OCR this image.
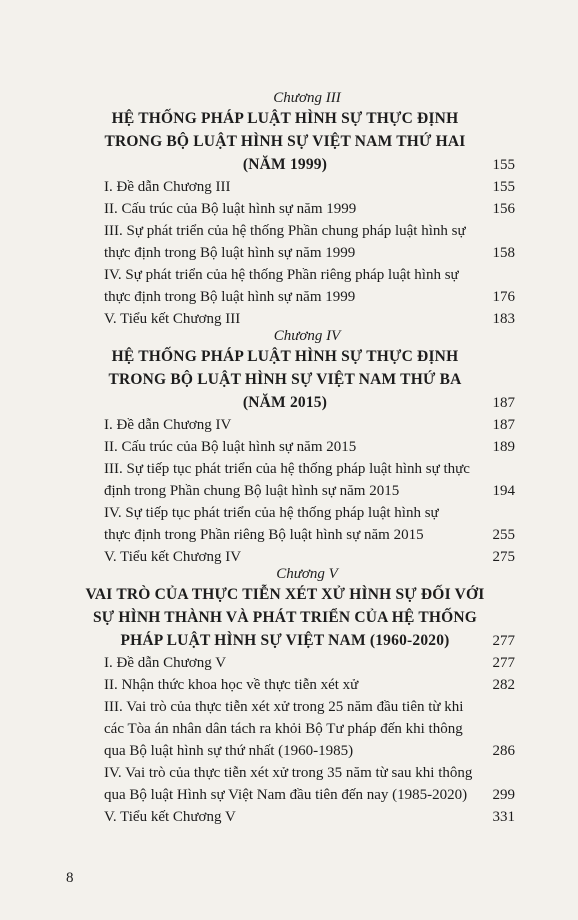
Chương III
HỆ THỐNG PHÁP LUẬT HÌNH SỰ THỰC ĐỊNH
TRONG BỘ LUẬT HÌNH SỰ VIỆT NAM THỨ HAI
(NĂM 1999)	155
I. Đề dẫn Chương III	155
II. Cấu trúc của Bộ luật hình sự năm 1999	156
III. Sự phát triển của hệ thống Phần chung pháp luật hình sự
thực định trong Bộ luật hình sự năm 1999	158
IV. Sự phát triển của hệ thống Phần riêng pháp luật hình sự
thực định trong Bộ luật hình sự năm 1999	176
V. Tiểu kết Chương III	183
Chương IV
HỆ THỐNG PHÁP LUẬT HÌNH SỰ THỰC ĐỊNH
TRONG BỘ LUẬT HÌNH SỰ VIỆT NAM THỨ BA
(NĂM 2015)	187
I. Đề dẫn Chương IV	187
II. Cấu trúc của Bộ luật hình sự năm 2015	189
III. Sự tiếp tục phát triển của hệ thống pháp luật hình sự thực
định trong Phần chung Bộ luật hình sự năm 2015	194
IV. Sự tiếp tục phát triển của hệ thống pháp luật hình sự
thực định trong Phần riêng Bộ luật hình sự năm 2015	255
V. Tiểu kết Chương IV	275
Chương V
VAI TRÒ CỦA THỰC TIỄN XÉT XỬ HÌNH SỰ ĐỐI VỚI
SỰ HÌNH THÀNH VÀ PHÁT TRIỂN CỦA HỆ THỐNG
PHÁP LUẬT HÌNH SỰ VIỆT NAM (1960-2020)	277
I. Đề dẫn Chương V	277
II. Nhận thức khoa học về thực tiễn xét xử	282
III. Vai trò của thực tiễn xét xử trong 25 năm đầu tiên từ khi
các Tòa án nhân dân tách ra khỏi Bộ Tư pháp đến khi thông
qua Bộ luật hình sự thứ nhất (1960-1985)	286
IV. Vai trò của thực tiễn xét xử trong 35 năm từ sau khi thông
qua Bộ luật Hình sự Việt Nam đầu tiên đến nay (1985-2020)	299
V. Tiểu kết Chương V	331
8
